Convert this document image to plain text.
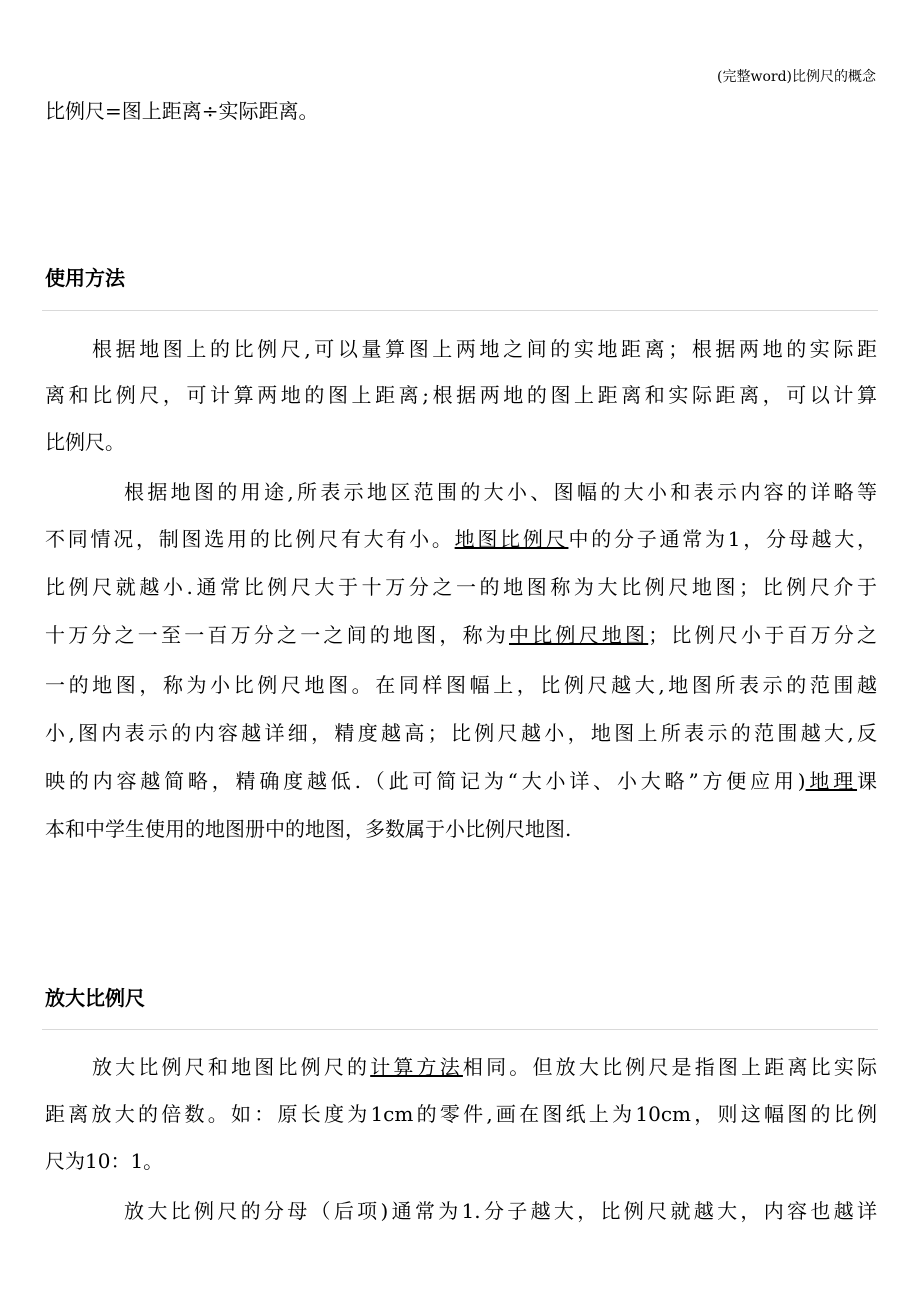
(完整word)比例尺的概念
比例尺=图上距离÷实际距离。
使用方法
根据地图上的比例尺,可以量算图上两地之间的实地距离；根据两地的实际距
离和比例尺，可计算两地的图上距离;根据两地的图上距离和实际距离，可以计算
比例尺。
根据地图的用途,所表示地区范围的大小、图幅的大小和表示内容的详略等
不同情况，制图选用的比例尺有大有小。地图比例尺中的分子通常为1，分母越大，
比例尺就越小.通常比例尺大于十万分之一的地图称为大比例尺地图；比例尺介于
十万分之一至一百万分之一之间的地图，称为中比例尺地图；比例尺小于百万分之
一的地图，称为小比例尺地图。在同样图幅上，比例尺越大,地图所表示的范围越
小,图内表示的内容越详细，精度越高；比例尺越小，地图上所表示的范围越大,反
映的内容越简略，精确度越低.（此可简记为“大小详、小大略”方便应用)地理课
本和中学生使用的地图册中的地图，多数属于小比例尺地图.
放大比例尺
放大比例尺和地图比例尺的计算方法相同。但放大比例尺是指图上距离比实际
距离放大的倍数。如：原长度为1cm的零件,画在图纸上为10cm，则这幅图的比例
尺为10：1。
放大比例尺的分母（后项)通常为1.分子越大，比例尺就越大，内容也越详
